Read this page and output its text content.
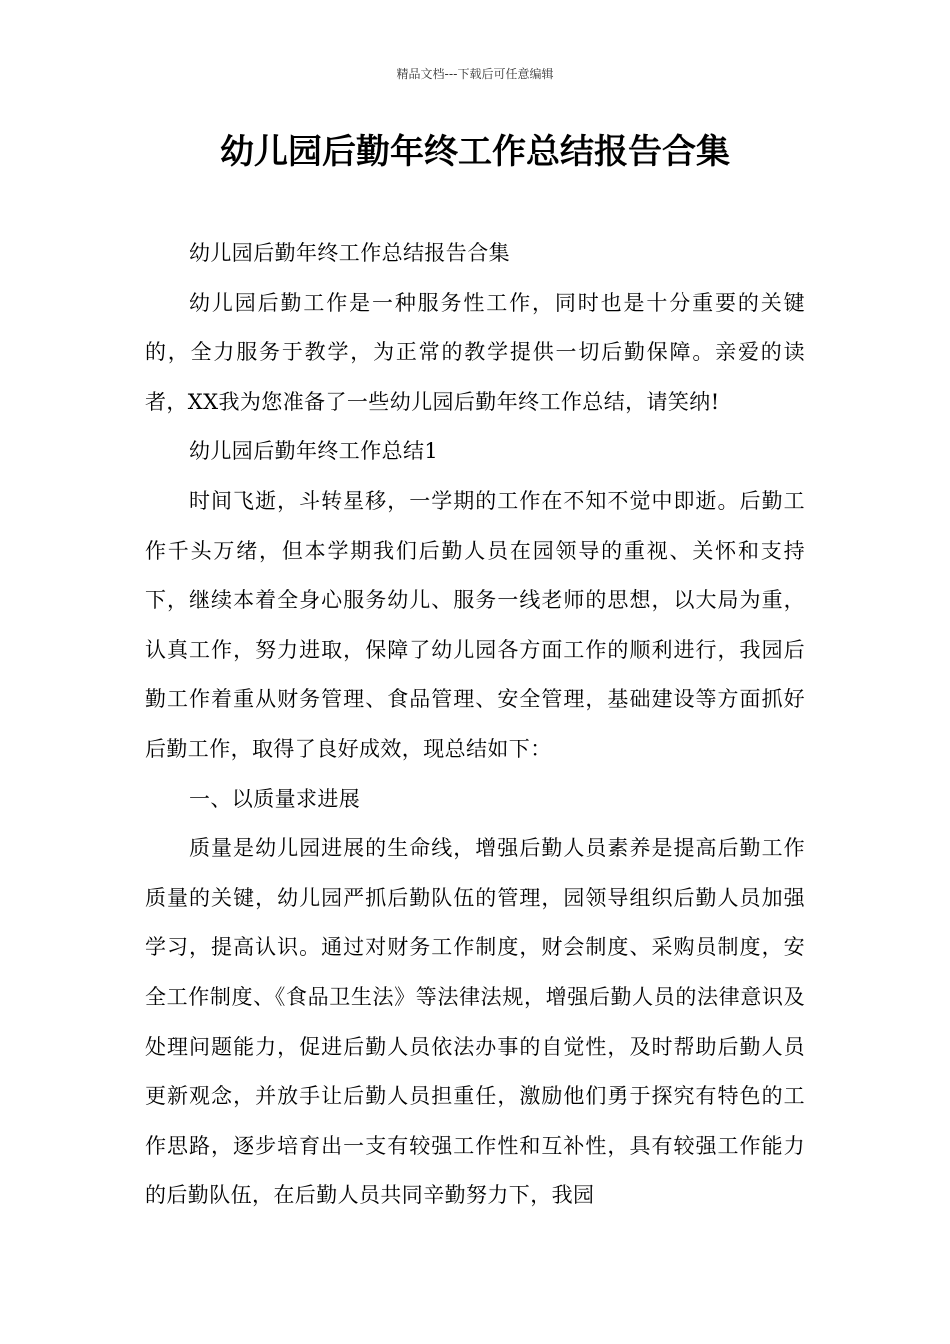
精品文档---下载后可任意编辑
幼儿园后勤年终工作总结报告合集

幼儿园后勤年终工作总结报告合集

幼儿园后勤工作是一种服务性工作，同时也是十分重要的关键的，全力服务于教学，为正常的教学提供一切后勤保障。亲爱的读者，XX我为您准备了一些幼儿园后勤年终工作总结，请笑纳!

幼儿园后勤年终工作总结1

时间飞逝，斗转星移，一学期的工作在不知不觉中即逝。后勤工作千头万绪，但本学期我们后勤人员在园领导的重视、关怀和支持下，继续本着全身心服务幼儿、服务一线老师的思想，以大局为重，认真工作，努力进取，保障了幼儿园各方面工作的顺利进行，我园后勤工作着重从财务管理、食品管理、安全管理，基础建设等方面抓好后勤工作，取得了良好成效，现总结如下：

一、以质量求进展

质量是幼儿园进展的生命线，增强后勤人员素养是提高后勤工作质量的关键，幼儿园严抓后勤队伍的管理，园领导组织后勤人员加强学习，提高认识。通过对财务工作制度，财会制度、采购员制度，安全工作制度、《食品卫生法》等法律法规，增强后勤人员的法律意识及处理问题能力，促进后勤人员依法办事的自觉性，及时帮助后勤人员更新观念，并放手让后勤人员担重任，激励他们勇于探究有特色的工作思路，逐步培育出一支有较强工作性和互补性，具有较强工作能力的后勤队伍，在后勤人员共同辛勤努力下，我园
